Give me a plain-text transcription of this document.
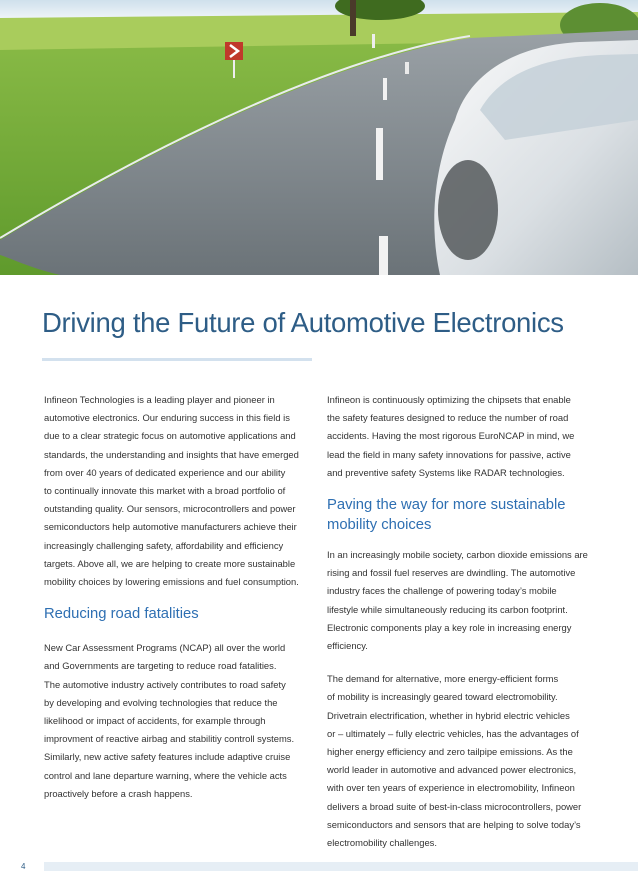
Driving the Future of Automotive Electronics

Infineon Technologies is a leading player and pioneer in
automotive electronics. Our enduring success in this field is
due to a clear strategic focus on automotive applications and
standards, the understanding and insights that have emerged
from over 40 years of dedicated experience and our ability
to continually innovate this market with a broad portfolio of
outstanding quality. Our sensors, microcontrollers and power
semiconductors help automotive manufacturers achieve their
increasingly challenging safety, affordability and efficiency
targets. Above all, we are helping to create more sustainable
mobility choices by lowering emissions and fuel consumption.

Reducing road fatalities

New Car Assessment Programs (NCAP) all over the world
and Governments are targeting to reduce road fatalities.
The automotive industry actively contributes to road safety
by developing and evolving technologies that reduce the
likelihood or impact of accidents, for example through
improvment of reactive airbag and stabilitiy controll systems.
Similarly, new active safety features include adaptive cruise
control and lane departure warning, where the vehicle acts
proactively before a crash happens.

Infineon is continuously optimizing the chipsets that enable
the safety features designed to reduce the number of road
accidents. Having the most rigorous EuroNCAP in mind, we
lead the field in many safety innovations for passive, active
and preventive safety Systems like RADAR technologies.

Paving the way for more sustainable
mobility choices

In an increasingly mobile society, carbon dioxide emissions are
rising and fossil fuel reserves are dwindling. The automotive
industry faces the challenge of powering today’s mobile
lifestyle while simultaneously reducing its carbon footprint.
Electronic components play a key role in increasing energy
efficiency.

The demand for alternative, more energy-efficient forms
of mobility is increasingly geared toward electromobility.
Drivetrain electrification, whether in hybrid electric vehicles
or – ultimately – fully electric vehicles, has the advantages of
higher energy efficiency and zero tailpipe emissions. As the
world leader in automotive and advanced power electronics,
with over ten years of experience in electromobility, Infineon
delivers a broad suite of best-in-class microcontrollers, power
semiconductors and sensors that are helping to solve today’s
electromobility challenges.

4
